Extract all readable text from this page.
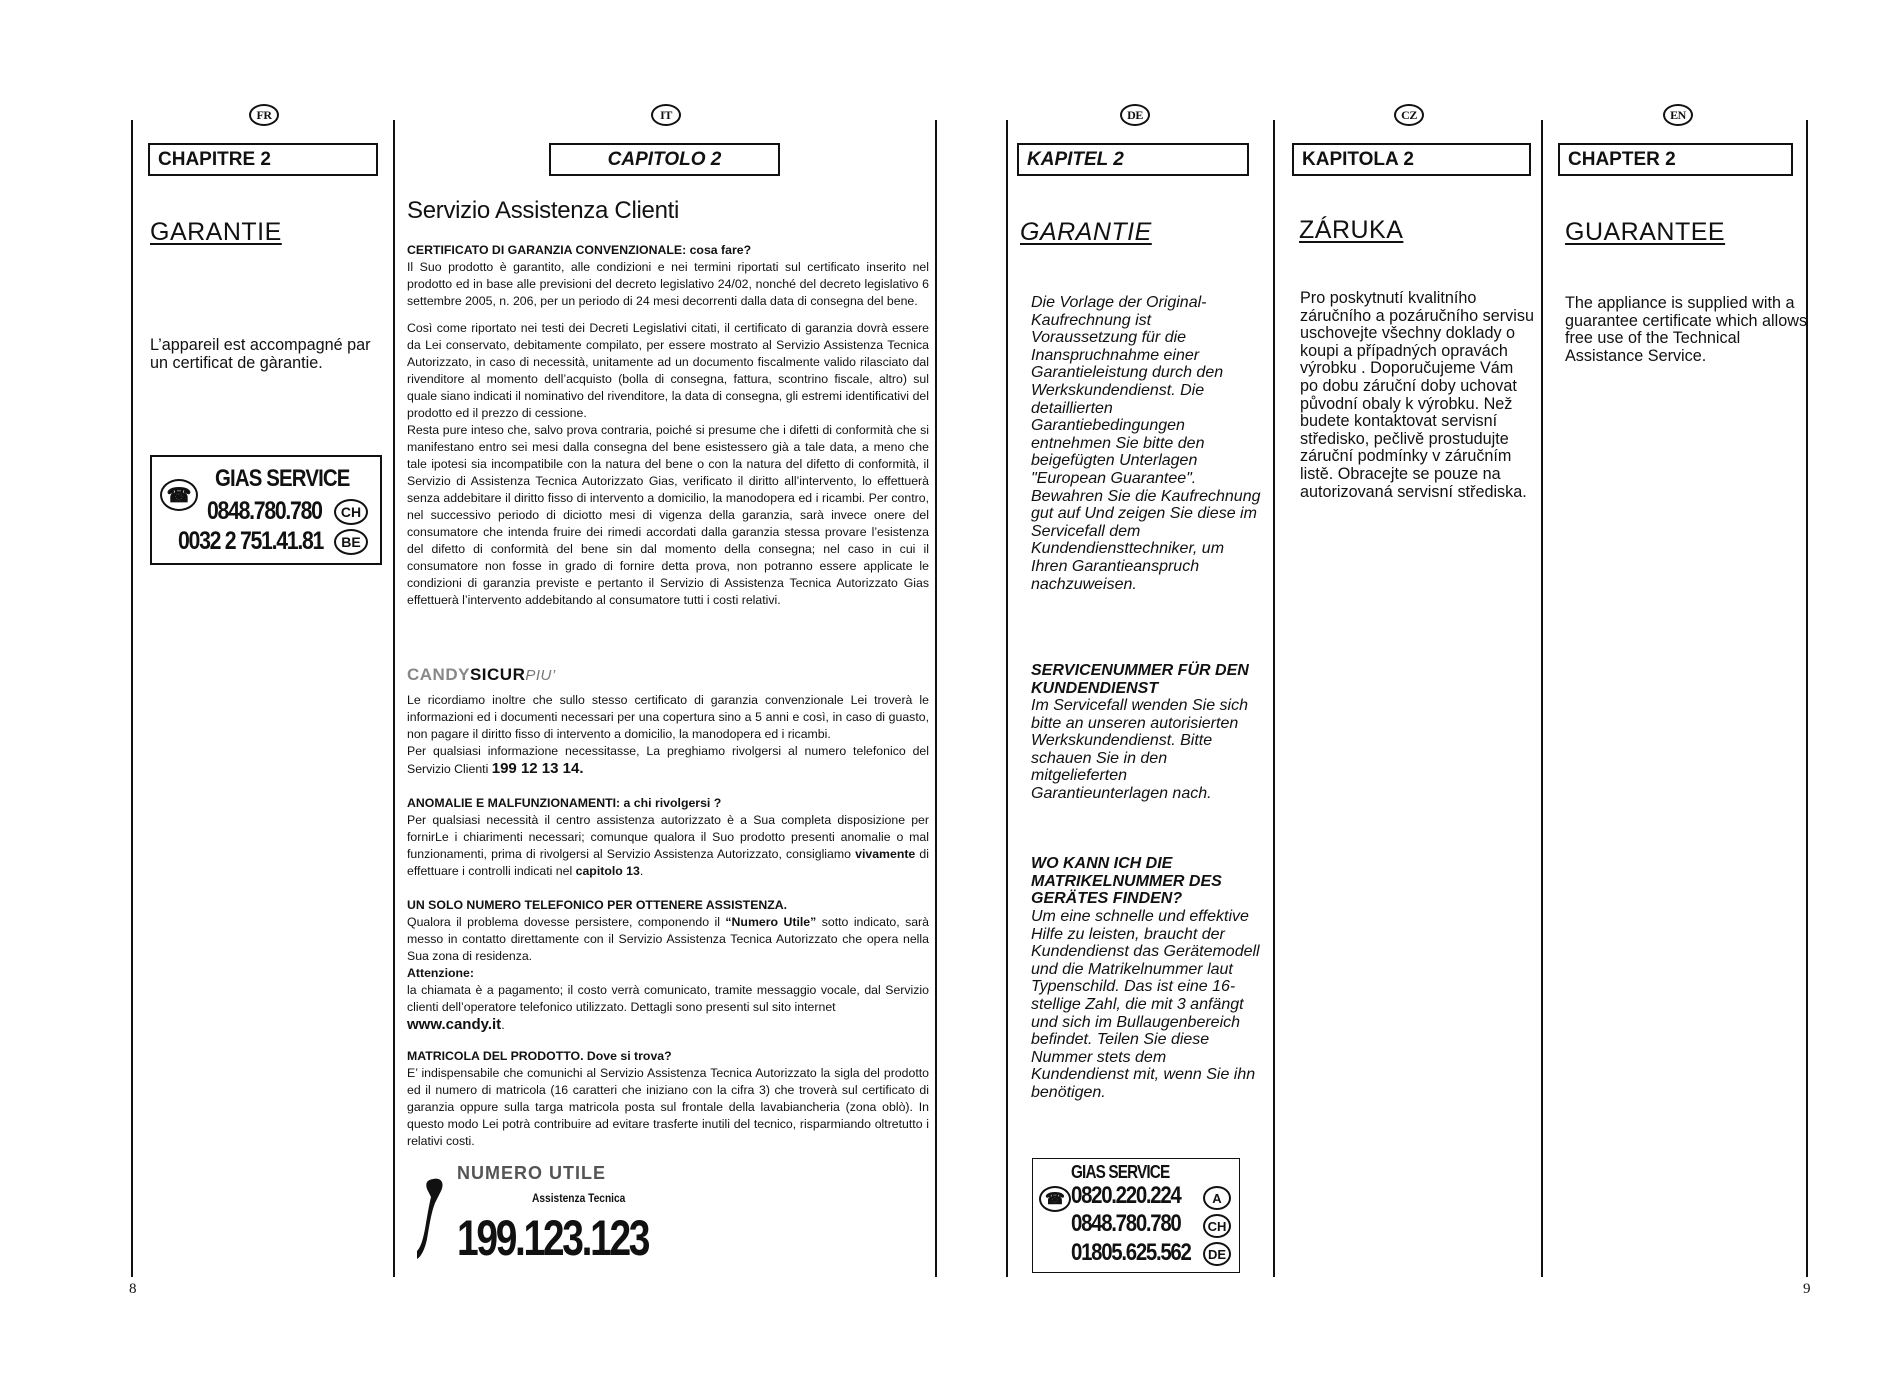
8	9
FR
CHAPITRE 2
GARANTIE
L’appareil est accompagné par un certificat de gàrantie.
GIAS SERVICE
☎
0848.780.780	CH
0032 2 751.41.81	BE
IT
CAPITOLO 2
Servizio Assistenza Clienti

CERTIFICATO DI GARANZIA CONVENZIONALE: cosa fare?

Il Suo prodotto è garantito, alle condizioni e nei termini riportati sul certificato inserito nel prodotto ed in base alle previsioni del decreto legislativo 24/02, nonché del decreto legislativo 6 settembre 2005, n. 206, per un periodo di 24 mesi decorrenti dalla data di consegna del bene.

Così come riportato nei testi dei Decreti Legislativi citati, il certificato di garanzia dovrà essere da Lei conservato, debitamente compilato, per essere mostrato al Servizio Assistenza Tecnica Autorizzato, in caso di necessità, unitamente ad un documento fiscalmente valido rilasciato dal rivenditore al momento dell’acquisto (bolla di consegna, fattura, scontrino fiscale, altro) sul quale siano indicati il nominativo del rivenditore, la data di consegna, gli estremi identificativi del prodotto ed il prezzo di cessione.

Resta pure inteso che, salvo prova contraria, poiché si presume che i difetti di conformità che si manifestano entro sei mesi dalla consegna del bene esistessero già a tale data, a meno che tale ipotesi sia incompatibile con la natura del bene o con la natura del difetto di conformità, il Servizio di Assistenza Tecnica Autorizzato Gias, verificato il diritto all’intervento, lo effettuerà senza addebitare il diritto fisso di intervento a domicilio, la manodopera ed i ricambi. Per contro, nel successivo periodo di diciotto mesi di vigenza della garanzia, sarà invece onere del consumatore che intenda fruire dei rimedi accordati dalla garanzia stessa provare l’esistenza del difetto di conformità del bene sin dal momento della consegna; nel caso in cui il consumatore non fosse in grado di fornire detta prova, non potranno essere applicate le condizioni di garanzia previste e pertanto il Servizio di Assistenza Tecnica Autorizzato Gias effettuerà l’intervento addebitando al consumatore tutti i costi relativi.

CANDYSICURPIU’

Le ricordiamo inoltre che sullo stesso certificato di garanzia convenzionale Lei troverà le informazioni ed i documenti necessari per una copertura sino a 5 anni e così, in caso di guasto, non pagare il diritto fisso di intervento a domicilio, la manodopera ed i ricambi.

Per qualsiasi informazione necessitasse, La preghiamo rivolgersi al numero telefonico del Servizio Clienti 199 12 13 14.

ANOMALIE E MALFUNZIONAMENTI: a chi rivolgersi ?

Per qualsiasi necessità il centro assistenza autorizzato è a Sua completa disposizione per fornirLe i chiarimenti necessari; comunque qualora il Suo prodotto presenti anomalie o mal funzionamenti, prima di rivolgersi al Servizio Assistenza Autorizzato, consigliamo vivamente di effettuare i controlli indicati nel capitolo 13.

UN SOLO NUMERO TELEFONICO PER OTTENERE ASSISTENZA.

Qualora il problema dovesse persistere, componendo il “Numero Utile” sotto indicato, sarà messo in contatto direttamente con il Servizio Assistenza Tecnica Autorizzato che opera nella Sua zona di residenza.

Attenzione:

la chiamata è a pagamento; il costo verrà comunicato, tramite messaggio vocale, dal Servizio clienti dell’operatore telefonico utilizzato. Dettagli sono presenti sul sito internet

www.candy.it.

MATRICOLA DEL PRODOTTO. Dove si trova?

E’ indispensabile che comunichi al Servizio Assistenza Tecnica Autorizzato la sigla del prodotto ed il numero di matricola (16 caratteri che iniziano con la cifra 3) che troverà sul certificato di garanzia oppure sulla targa matricola posta sul frontale della lavabiancheria (zona oblò). In questo modo Lei potrà contribuire ad evitare trasferte inutili del tecnico, risparmiando oltretutto i relativi costi.

NUMERO UTILE
Assistenza Tecnica
199.123.123
DE
KAPITEL 2
GARANTIE
Die Vorlage der Original-Kaufrechnung ist Voraussetzung für die Inanspruchnahme einer Garantieleistung durch den Werkskundendienst. Die detaillierten Garantiebedingungen entnehmen Sie bitte den beigefügten Unterlagen "European Guarantee". Bewahren Sie die Kaufrechnung gut auf Und zeigen Sie diese im Servicefall dem Kundendiensttechniker, um Ihren Garantieanspruch nachzuweisen.
SERVICENUMMER FÜR DEN KUNDENDIENST
Im Servicefall wenden Sie sich bitte an unseren autorisierten Werkskundendienst. Bitte schauen Sie in den mitgelieferten Garantieunterlagen nach.
WO KANN ICH DIE MATRIKELNUMMER DES GERÄTES FINDEN?
Um eine schnelle und effektive Hilfe zu leisten, braucht der Kundendienst das Gerätemodell und die Matrikelnummer laut Typenschild. Das ist eine 16-stellige Zahl, die mit 3 anfängt und sich im Bullaugenbereich befindet. Teilen Sie diese Nummer stets dem Kundendienst mit, wenn Sie ihn benötigen.
GIAS SERVICE
☎ 0820.220.224	A
0848.780.780	CH
01805.625.562	DE
CZ
KAPITOLA 2
ZÁRUKA
Pro poskytnutí kvalitního záručního a pozáručního servisu uschovejte všechny doklady o koupi a případných opravách výrobku . Doporučujeme Vám po dobu záruční doby uchovat původní obaly k výrobku. Než budete kontaktovat servisní středisko, pečlivě prostudujte záruční podmínky v záručním listě. Obracejte se pouze na autorizovaná servisní střediska.
EN
CHAPTER 2
GUARANTEE
The appliance is supplied with a guarantee certificate which allows free use of the Technical Assistance Service.
